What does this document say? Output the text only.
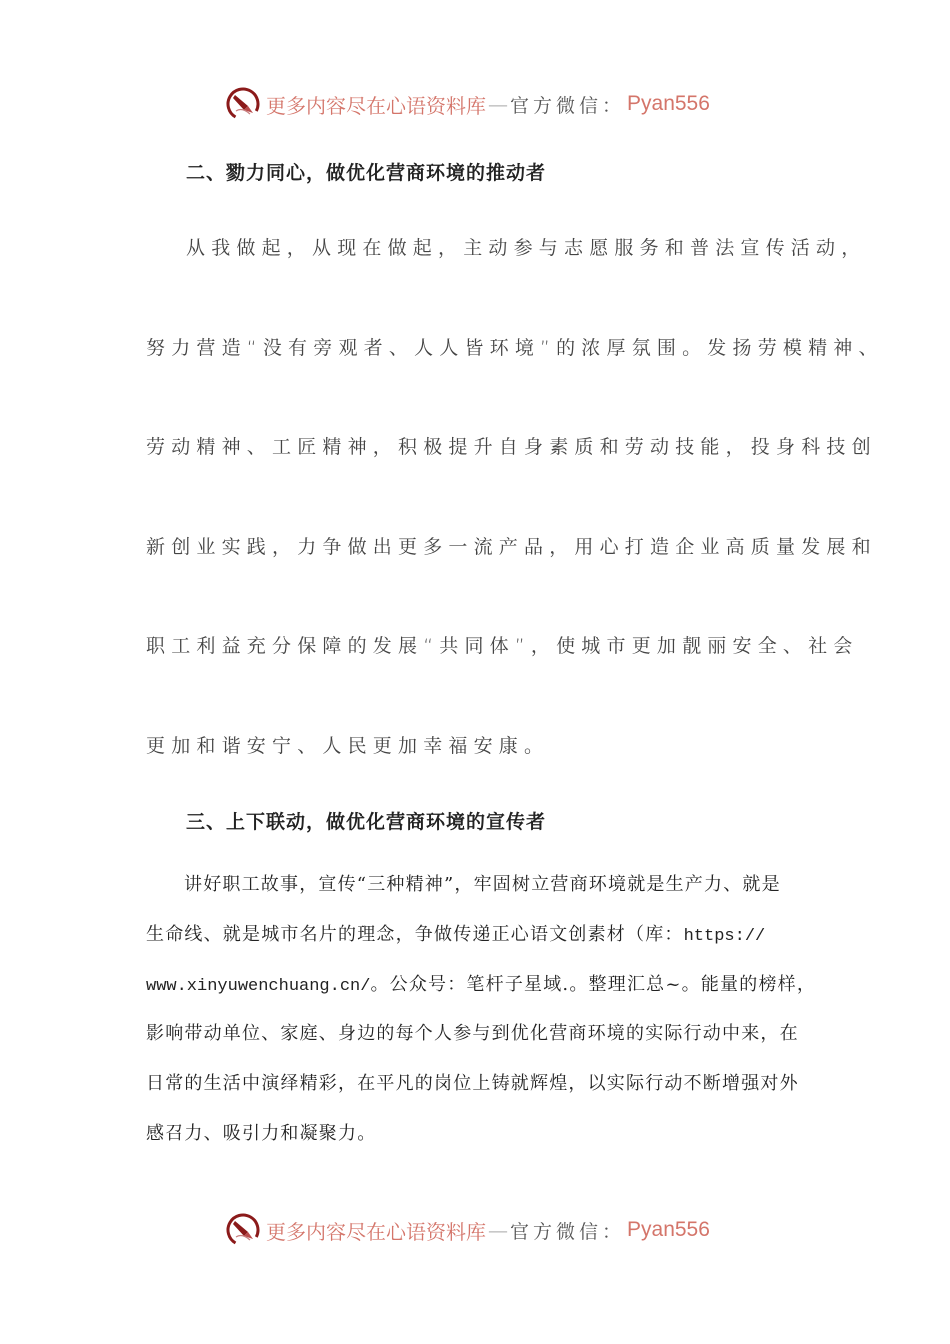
更多内容尽在心语资料库 — 官方微信： Pyan556
二、勠力同心，做优化营商环境的推动者
从我做起，从现在做起，主动参与志愿服务和普法宣传活动，
努力营造“没有旁观者、人人皆环境”的浓厚氛围。发扬劳模精神、
劳动精神、工匠精神，积极提升自身素质和劳动技能，投身科技创
新创业实践，力争做出更多一流产品，用心打造企业高质量发展和
职工利益充分保障的发展“共同体”，使城市更加靓丽安全、社会
更加和谐安宁、人民更加幸福安康。
三、上下联动，做优化营商环境的宣传者
讲好职工故事，宣传“三种精神”，牢固树立营商环境就是生产力、就是
生命线、就是城市名片的理念，争做传递正心语文创素材（库：https://
www.xinyuwenchuang.cn/。公众号：笔杆子星域.。整理汇总~。能量的榜样，
影响带动单位、家庭、身边的每个人参与到优化营商环境的实际行动中来，在
日常的生活中演绎精彩，在平凡的岗位上铸就辉煌，以实际行动不断增强对外
感召力、吸引力和凝聚力。
更多内容尽在心语资料库 — 官方微信： Pyan556
